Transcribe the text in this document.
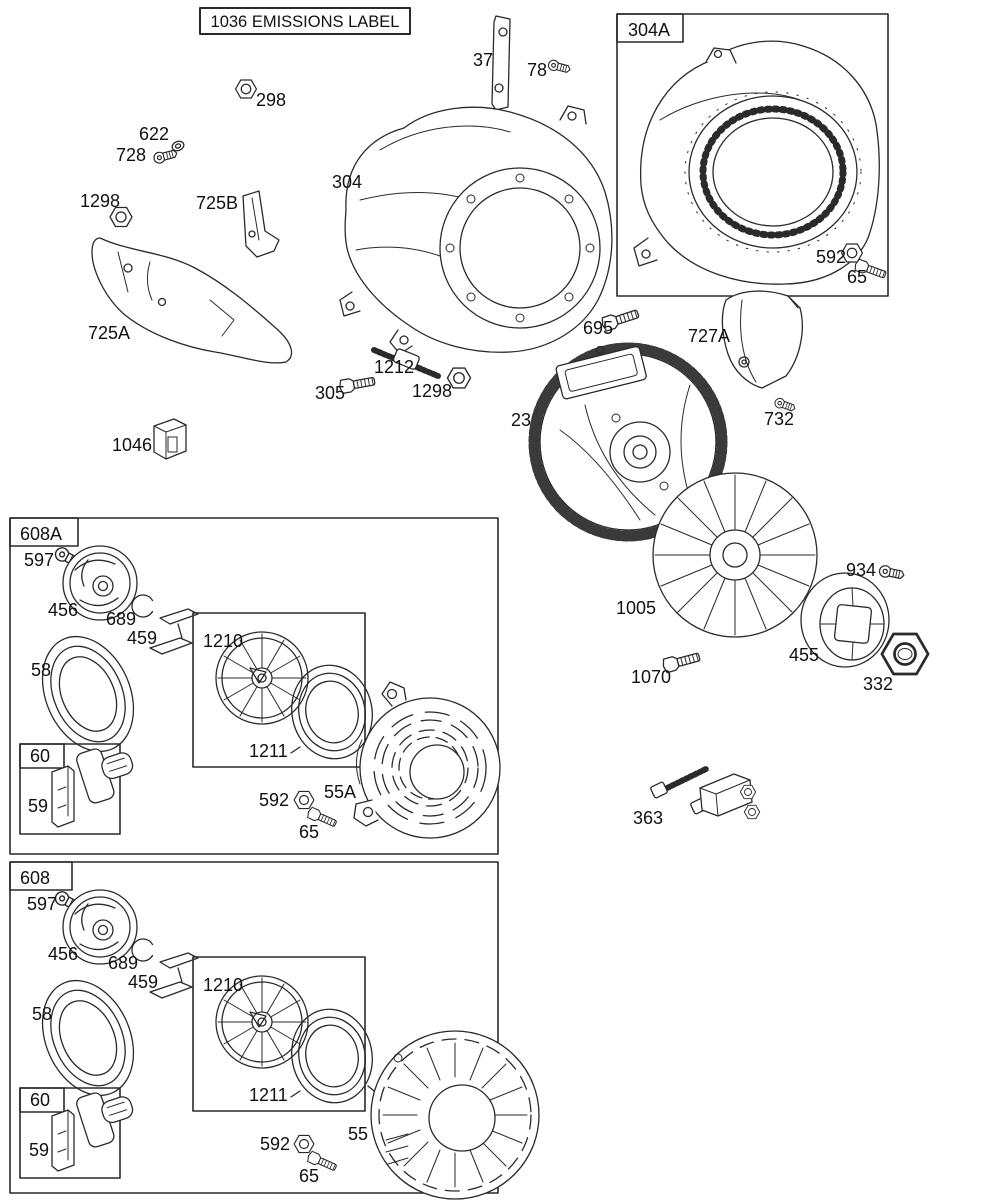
1036 EMISSIONS LABEL
37 78
298
622
728
1298	725B
304
725A
304A
592
65
695	727A
1212
305	1298
732
23
1046
1005
934
455
332
1070
363
608A
597
456 689
459
58
1210
1211
60
59	592 55A
65
608
597
456 689
459
58
1210
1211
60
59	592	55
65
